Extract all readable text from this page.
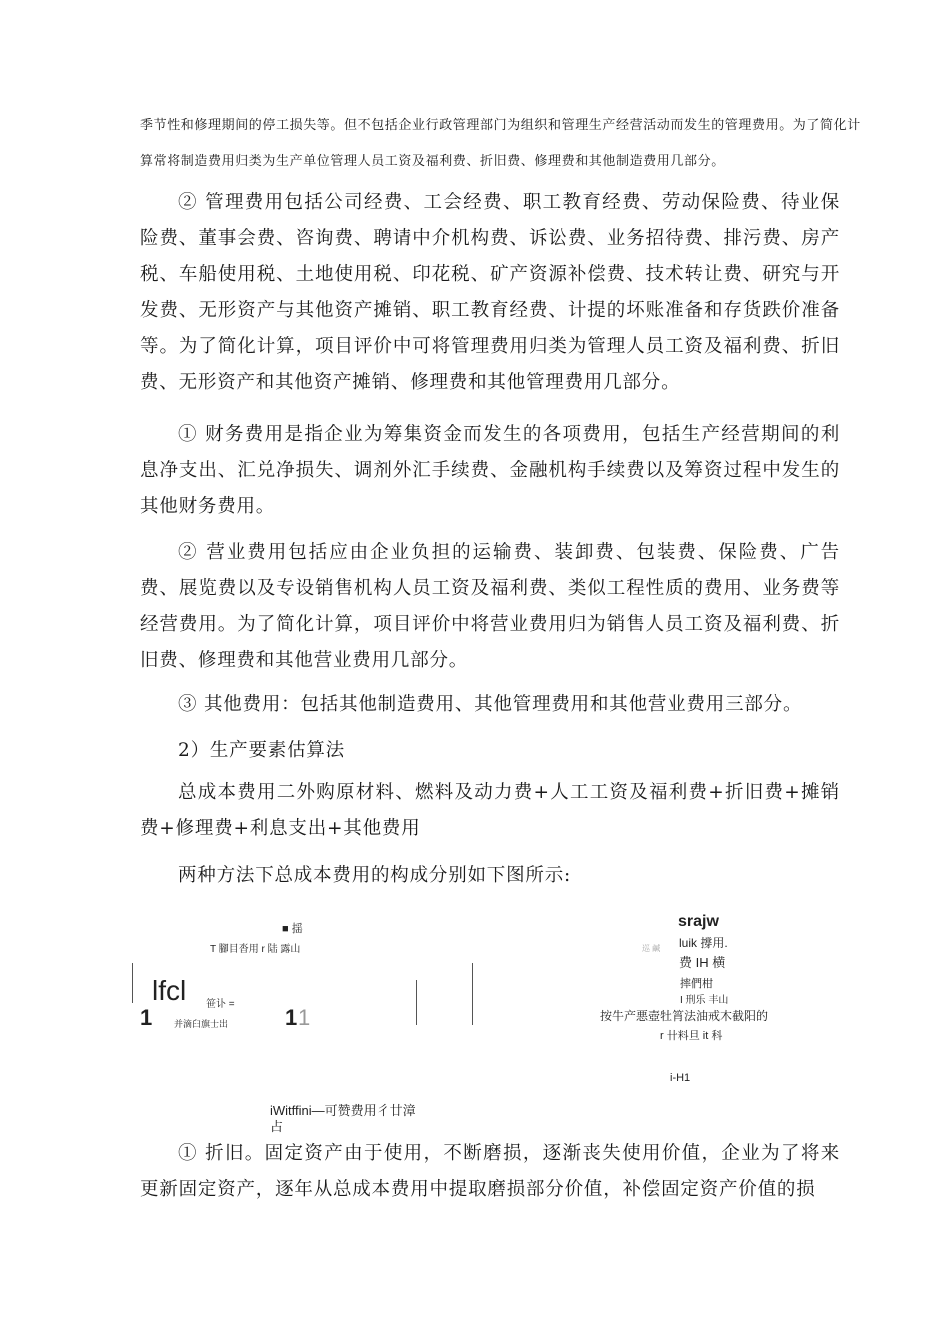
季节性和修理期间的停工损失等。但不包括企业行政管理部门为组织和管理生产经营活动而发生的管理费用。为了简化计
算常将制造费用归类为生产单位管理人员工资及福利费、折旧费、修理费和其他制造费用几部分。

② 管理费用包括公司经费、工会经费、职工教育经费、劳动保险费、待业保险费、董事会费、咨询费、聘请中介机构费、诉讼费、业务招待费、排污费、房产税、车船使用税、土地使用税、印花税、矿产资源补偿费、技术转让费、研究与开发费、无形资产与其他资产摊销、职工教育经费、计提的坏账准备和存货跌价准备等。为了简化计算，项目评价中可将管理费用归类为管理人员工资及福利费、折旧费、无形资产和其他资产摊销、修理费和其他管理费用几部分。

① 财务费用是指企业为筹集资金而发生的各项费用，包括生产经营期间的利息净支出、汇兑净损失、调剂外汇手续费、金融机构手续费以及筹资过程中发生的其他财务费用。

② 营业费用包括应由企业负担的运输费、装卸费、包装费、保险费、广告费、展览费以及专设销售机构人员工资及福利费、类似工程性质的费用、业务费等经营费用。为了简化计算，项目评价中将营业费用归为销售人员工资及福利费、折旧费、修理费和其他营业费用几部分。

③ 其他费用：包括其他制造费用、其他管理费用和其他营业费用三部分。
2）生产要素估算法

总成本费用二外购原材料、燃料及动力费+人工工资及福利费+折旧费+摊销费+修理费+利息支出+其他费用

两种方法下总成本费用的构成分别如下图所示:
■ 揺
T 腳目沓用 r 陆 露山
lfcl 笹讣 =
1 并滴臼旗士出	1 1
iWitffini—可赞费用彳廿漳
占
巡 鹹
srajw
luik 撐用.
费 IH 横
摔們柑
I 刑乐 丰山
按牛产悪壺牡筲法油戒木截阳的
r 卄料旦 it 科
i-H1

① 折旧。固定资产由于使用，不断磨损，逐渐丧失使用价值，企业为了将来更新固定资产，逐年从总成本费用中提取磨损部分价值，补偿固定资产价值的损
